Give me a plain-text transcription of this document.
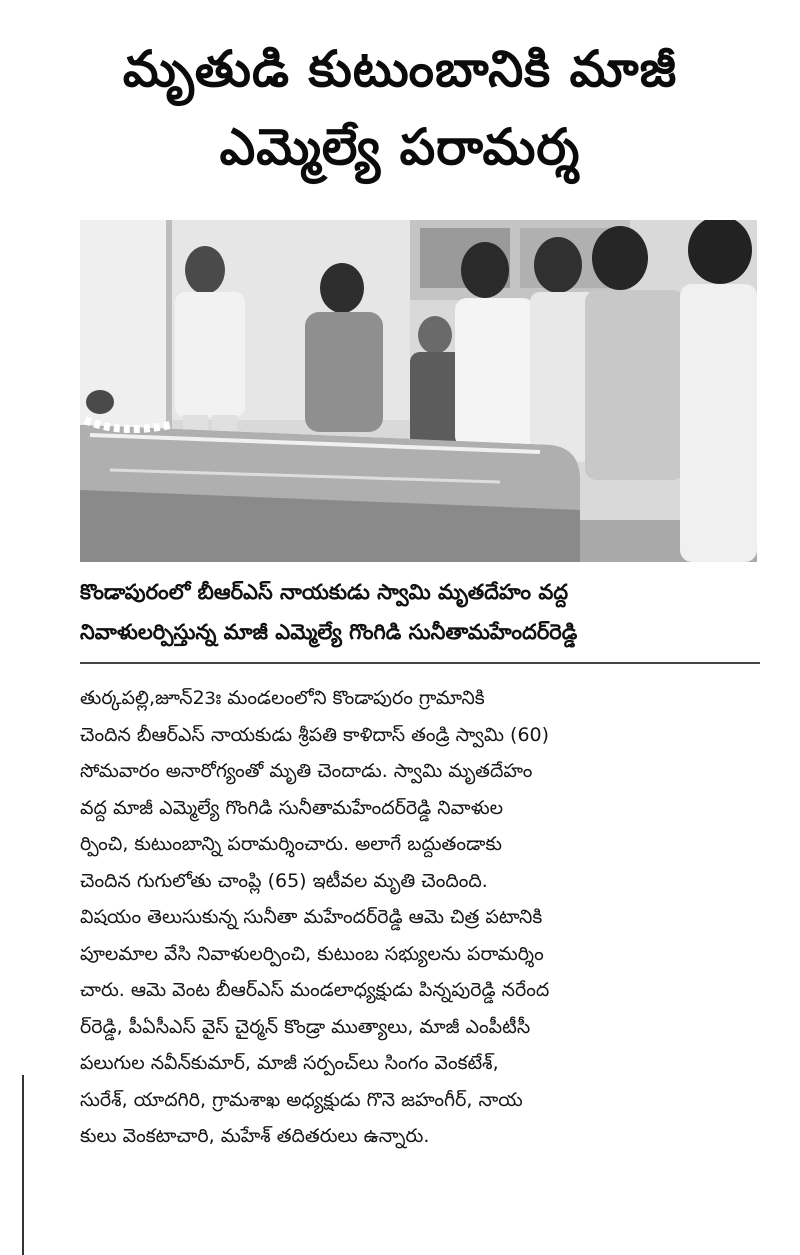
మృతుడి కుటుంబానికి మాజీ
ఎమ్మెల్యే పరామర్శ
కొండాపురంలో బీఆర్ఎస్ నాయకుడు స్వామి మృతదేహం వద్ద
నివాళులర్పిస్తున్న మాజీ ఎమ్మెల్యే గొంగిడి సునీతామహేందర్‌రెడ్డి
తుర్కపల్లి,జూన్23ః మండలంలోని కొండాపురం గ్రామానికి
చెందిన బీఆర్ఎస్ నాయకుడు శ్రీపతి కాళిదాస్ తండ్రి స్వామి (60)
సోమవారం అనారోగ్యంతో మృతి చెందాడు. స్వామి మృతదేహం
వద్ద మాజీ ఎమ్మెల్యే గొంగిడి సునీతామహేందర్‌రెడ్డి నివాళుల
ర్పించి, కుటుంబాన్ని పరామర్శించారు. అలాగే బద్దుతండాకు
చెందిన గుగులోతు చాంప్లి (65) ఇటీవల మృతి చెందింది.
విషయం తెలుసుకున్న సునీతా మహేందర్‌రెడ్డి ఆమె చిత్ర పటానికి
పూలమాల వేసి నివాళులర్పించి, కుటుంబ సభ్యులను పరామర్శిం
చారు. ఆమె వెంట బీఆర్ఎస్ మండలాధ్యక్షుడు పిన్నపురెడ్డి నరేంద
ర్‌రెడ్డి, పీఏసీఎస్ వైస్ చైర్మన్ కొండ్రా ముత్యాలు, మాజీ ఎంపీటీసీ
పలుగుల నవీన్‌కుమార్, మాజీ సర్పంచ్‌లు సింగం వెంకటేశ్,
సురేశ్, యాదగిరి, గ్రామశాఖ అధ్యక్షుడు గొనె జహంగీర్, నాయ
కులు వెంకటాచారి, మహేశ్ తదితరులు ఉన్నారు.
